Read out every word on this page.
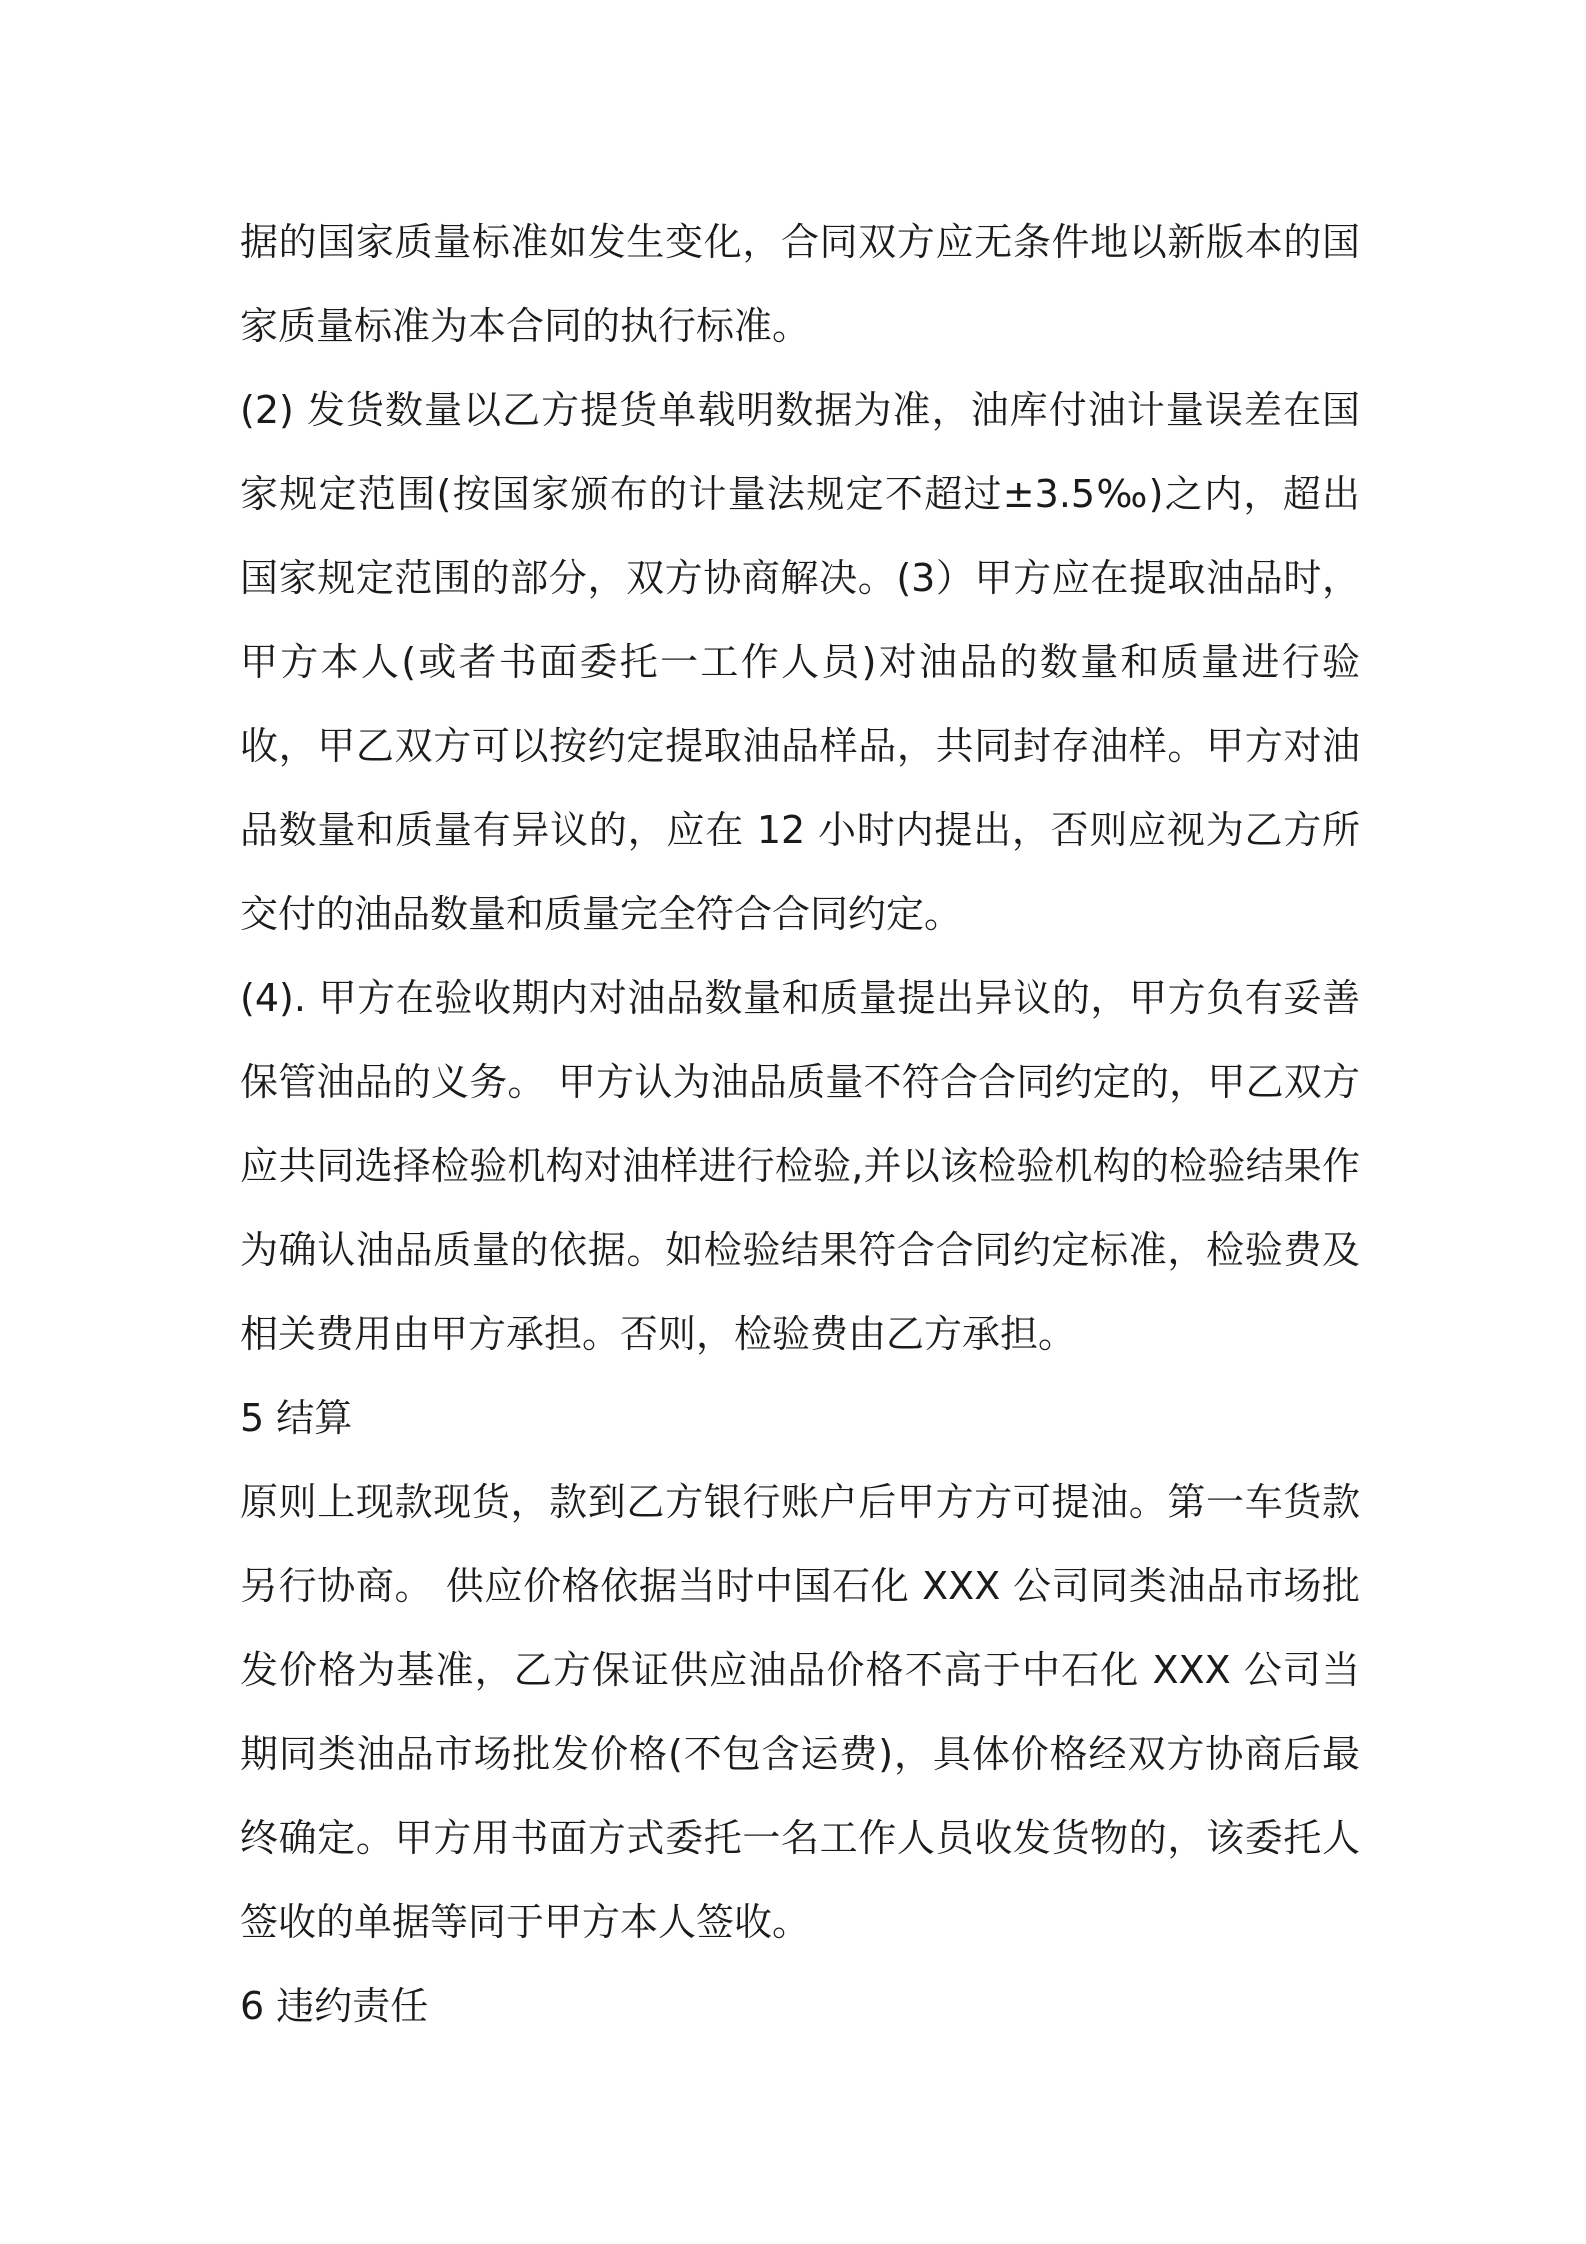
据的国家质量标准如发生变化，合同双方应无条件地以新版本的国家质量标准为本合同的执行标准。

(2) 发货数量以乙方提货单载明数据为准，油库付油计量误差在国家规定范围(按国家颁布的计量法规定不超过±3.5‰)之内，超出国家规定范围的部分，双方协商解决。(3）甲方应在提取油品时，甲方本人(或者书面委托一工作人员)对油品的数量和质量进行验收，甲乙双方可以按约定提取油品样品，共同封存油样。甲方对油品数量和质量有异议的，应在 12 小时内提出，否则应视为乙方所交付的油品数量和质量完全符合合同约定。

(4). 甲方在验收期内对油品数量和质量提出异议的，甲方负有妥善保管油品的义务。 甲方认为油品质量不符合合同约定的，甲乙双方应共同选择检验机构对油样进行检验,并以该检验机构的检验结果作为确认油品质量的依据。如检验结果符合合同约定标准，检验费及相关费用由甲方承担。否则，检验费由乙方承担。

5 结算

原则上现款现货，款到乙方银行账户后甲方方可提油。第一车货款另行协商。 供应价格依据当时中国石化 XXX 公司同类油品市场批发价格为基准，乙方保证供应油品价格不高于中石化 XXX 公司当期同类油品市场批发价格(不包含运费)，具体价格经双方协商后最终确定。甲方用书面方式委托一名工作人员收发货物的，该委托人签收的单据等同于甲方本人签收。

6 违约责任
